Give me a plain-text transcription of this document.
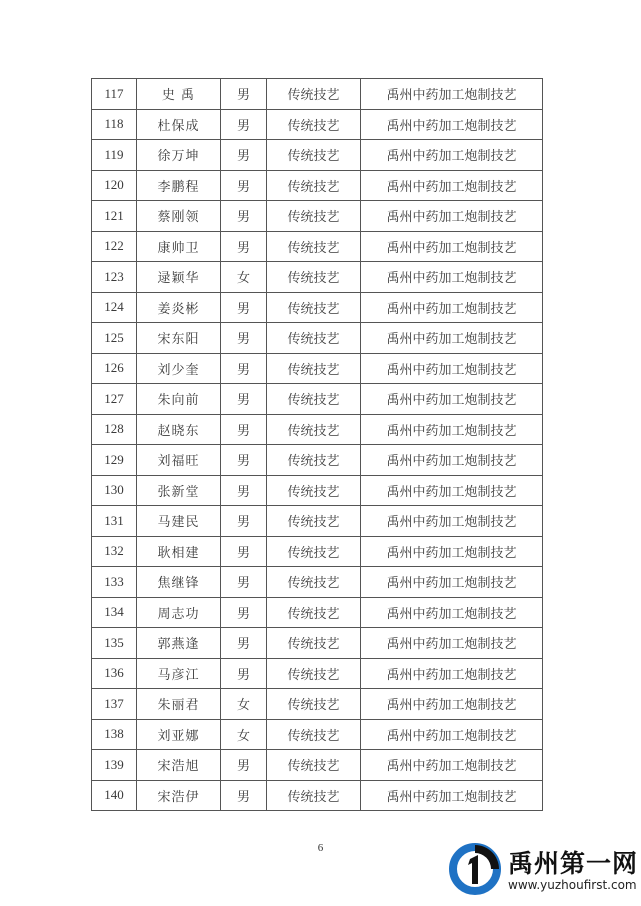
117	史 禹	男	传统技艺	禹州中药加工炮制技艺
118	杜保成	男	传统技艺	禹州中药加工炮制技艺
119	徐万坤	男	传统技艺	禹州中药加工炮制技艺
120	李鹏程	男	传统技艺	禹州中药加工炮制技艺
121	蔡刚领	男	传统技艺	禹州中药加工炮制技艺
122	康帅卫	男	传统技艺	禹州中药加工炮制技艺
123	逯颖华	女	传统技艺	禹州中药加工炮制技艺
124	姜炎彬	男	传统技艺	禹州中药加工炮制技艺
125	宋东阳	男	传统技艺	禹州中药加工炮制技艺
126	刘少奎	男	传统技艺	禹州中药加工炮制技艺
127	朱向前	男	传统技艺	禹州中药加工炮制技艺
128	赵晓东	男	传统技艺	禹州中药加工炮制技艺
129	刘福旺	男	传统技艺	禹州中药加工炮制技艺
130	张新堂	男	传统技艺	禹州中药加工炮制技艺
131	马建民	男	传统技艺	禹州中药加工炮制技艺
132	耿相建	男	传统技艺	禹州中药加工炮制技艺
133	焦继锋	男	传统技艺	禹州中药加工炮制技艺
134	周志功	男	传统技艺	禹州中药加工炮制技艺
135	郭燕逢	男	传统技艺	禹州中药加工炮制技艺
136	马彦江	男	传统技艺	禹州中药加工炮制技艺
137	朱丽君	女	传统技艺	禹州中药加工炮制技艺
138	刘亚娜	女	传统技艺	禹州中药加工炮制技艺
139	宋浩旭	男	传统技艺	禹州中药加工炮制技艺
140	宋浩伊	男	传统技艺	禹州中药加工炮制技艺
6
禹州第一网
www.yuzhoufirst.com
